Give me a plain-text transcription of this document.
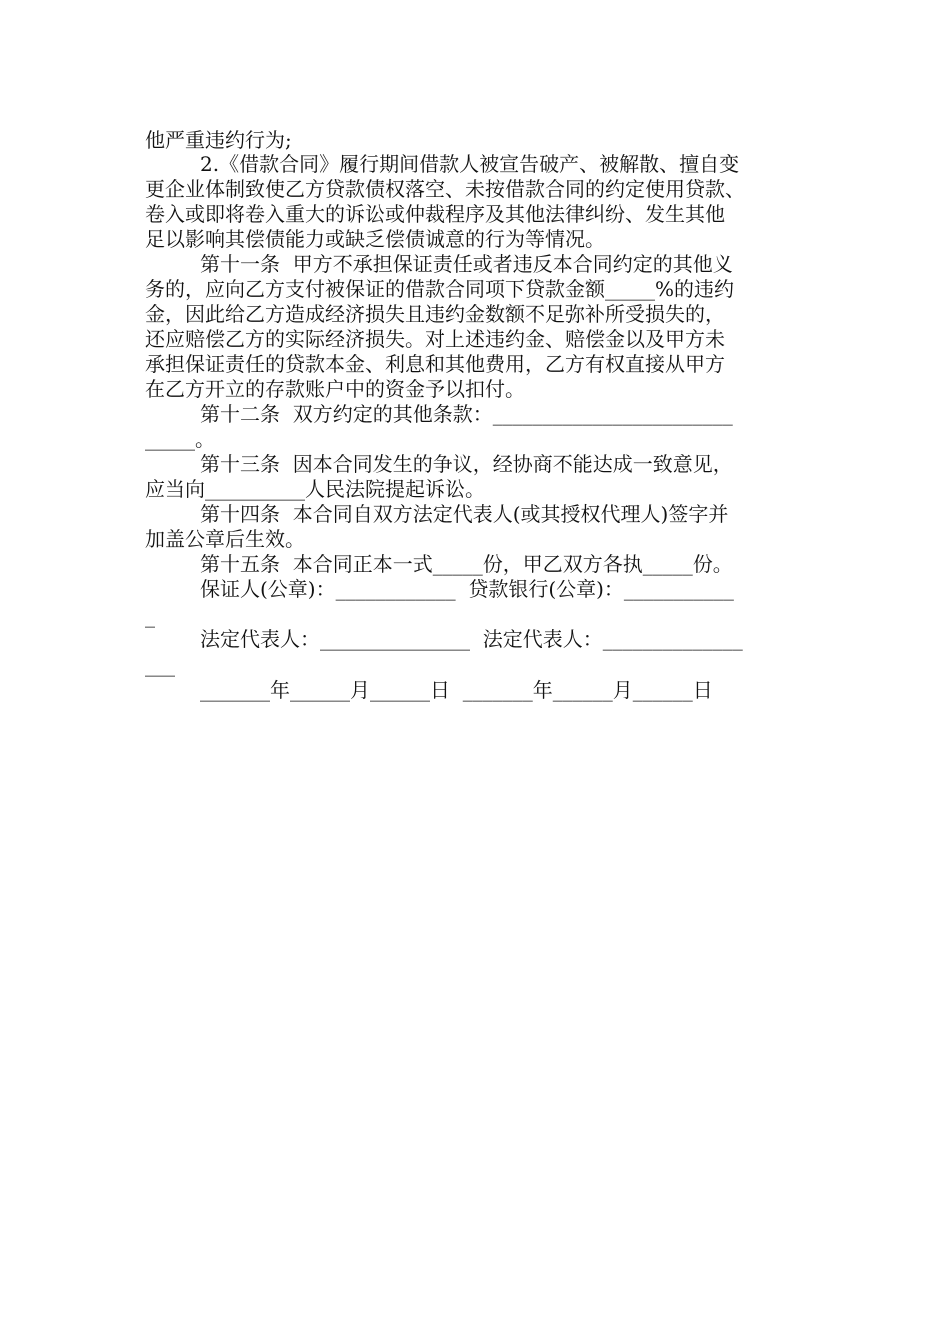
他严重违约行为;
2.《借款合同》履行期间借款人被宣告破产、被解散、擅自变
更企业体制致使乙方贷款债权落空、未按借款合同的约定使用贷款、
卷入或即将卷入重大的诉讼或仲裁程序及其他法律纠纷、发生其他
足以影响其偿债能力或缺乏偿债诚意的行为等情况。
第十一条  甲方不承担保证责任或者违反本合同约定的其他义
务的，应向乙方支付被保证的借款合同项下贷款金额_____%的违约
金，因此给乙方造成经济损失且违约金数额不足弥补所受损失的，
还应赔偿乙方的实际经济损失。对上述违约金、赔偿金以及甲方未
承担保证责任的贷款本金、利息和其他费用，乙方有权直接从甲方
在乙方开立的存款账户中的资金予以扣付。
第十二条  双方约定的其他条款：________________________
_____。
第十三条  因本合同发生的争议，经协商不能达成一致意见，
应当向__________人民法院提起诉讼。
第十四条  本合同自双方法定代表人(或其授权代理人)签字并
加盖公章后生效。
第十五条  本合同正本一式_____份，甲乙双方各执_____份。
保证人(公章)：____________  贷款银行(公章)：___________
_
法定代表人：_______________  法定代表人：______________
___
_______年______月______日  _______年______月______日
